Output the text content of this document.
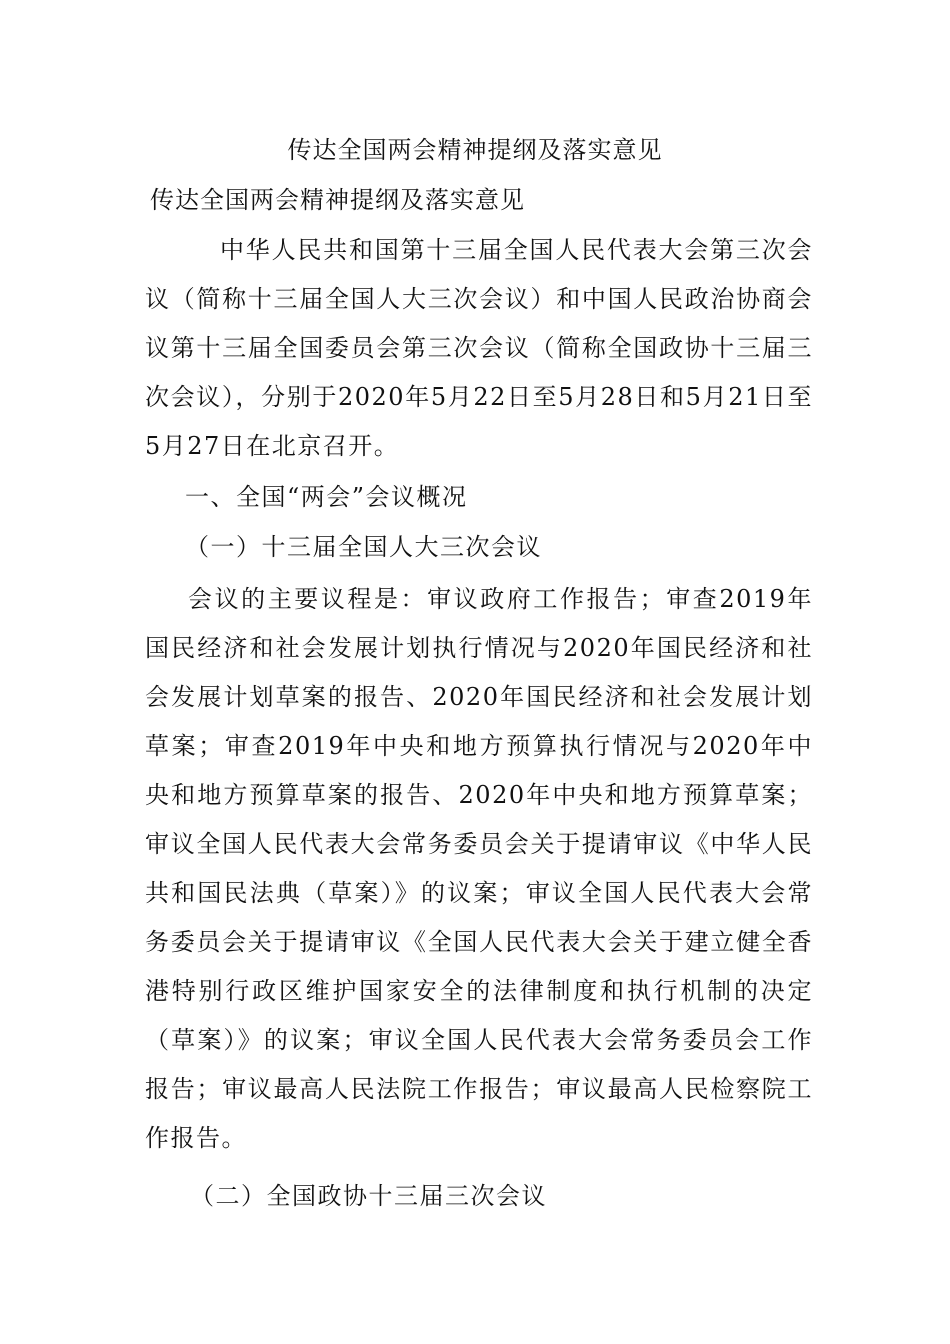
传达全国两会精神提纲及落实意见
传达全国两会精神提纲及落实意见
中华人民共和国第十三届全国人民代表大会第三次会议（简称十三届全国人大三次会议）和中国人民政治协商会议第十三届全国委员会第三次会议（简称全国政协十三届三次会议），分别于2020年5月22日至5月28日和5月21日至5月27日在北京召开。
一、全国“两会”会议概况
（一）十三届全国人大三次会议
会议的主要议程是：审议政府工作报告；审查2019年国民经济和社会发展计划执行情况与2020年国民经济和社会发展计划草案的报告、2020年国民经济和社会发展计划草案；审查2019年中央和地方预算执行情况与2020年中央和地方预算草案的报告、2020年中央和地方预算草案；审议全国人民代表大会常务委员会关于提请审议《中华人民共和国民法典（草案）》的议案；审议全国人民代表大会常务委员会关于提请审议《全国人民代表大会关于建立健全香港特别行政区维护国家安全的法律制度和执行机制的决定（草案）》的议案；审议全国人民代表大会常务委员会工作报告；审议最高人民法院工作报告；审议最高人民检察院工作报告。
（二）全国政协十三届三次会议
